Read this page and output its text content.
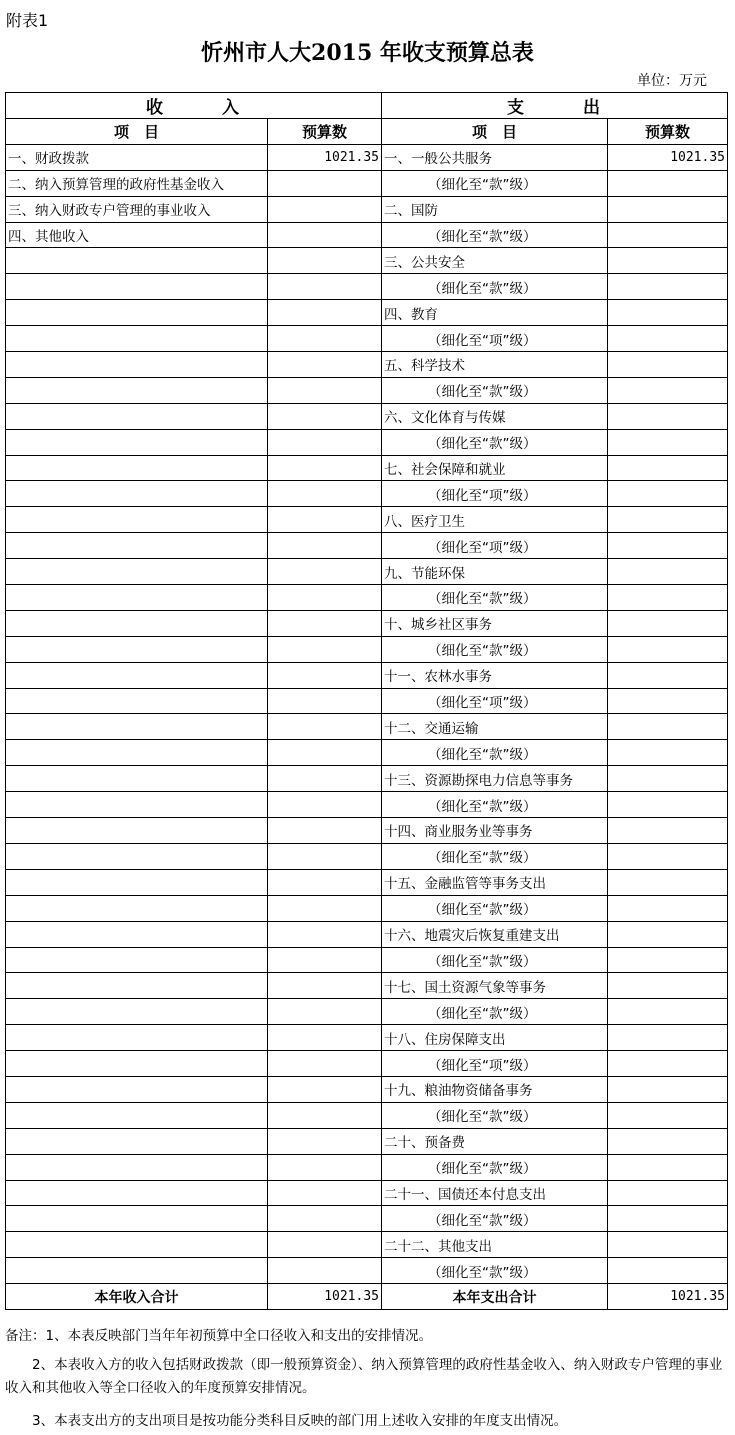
附表1
忻州市人大2015 年收支预算总表
单位：万元
收　　　入		支　　　出	
项　目	预算数	项　目	预算数
一、财政拨款	1021.35	一、一般公共服务	1021.35
二、纳入预算管理的政府性基金收入		（细化至“款”级）	
三、纳入财政专户管理的事业收入		二、国防	
四、其他收入		（细化至“款”级）	
		三、公共安全	
		（细化至“款”级）	
		四、教育	
		（细化至“项”级）	
		五、科学技术	
		（细化至“款”级）	
		六、文化体育与传媒	
		（细化至“款”级）	
		七、社会保障和就业	
		（细化至“项”级）	
		八、医疗卫生	
		（细化至“项”级）	
		九、节能环保	
		（细化至“款”级）	
		十、城乡社区事务	
		（细化至“款”级）	
		十一、农林水事务	
		（细化至“项”级）	
		十二、交通运输	
		（细化至“款”级）	
		十三、资源勘探电力信息等事务	
		（细化至“款”级）	
		十四、商业服务业等事务	
		（细化至“款”级）	
		十五、金融监管等事务支出	
		（细化至“款”级）	
		十六、地震灾后恢复重建支出	
		（细化至“款”级）	
		十七、国土资源气象等事务	
		（细化至“款”级）	
		十八、住房保障支出	
		（细化至“项”级）	
		十九、粮油物资储备事务	
		（细化至“款”级）	
		二十、预备费	
		（细化至“款”级）	
		二十一、国债还本付息支出	
		（细化至“款”级）	
		二十二、其他支出	
		（细化至“款”级）	
本年收入合计	1021.35	本年支出合计	1021.35
备注：1、本表反映部门当年年初预算中全口径收入和支出的安排情况。
2、本表收入方的收入包括财政拨款（即一般预算资金）、纳入预算管理的政府性基金收入、纳入财政专户管理的事业收入和其他收入等全口径收入的年度预算安排情况。
3、本表支出方的支出项目是按功能分类科目反映的部门用上述收入安排的年度支出情况。
